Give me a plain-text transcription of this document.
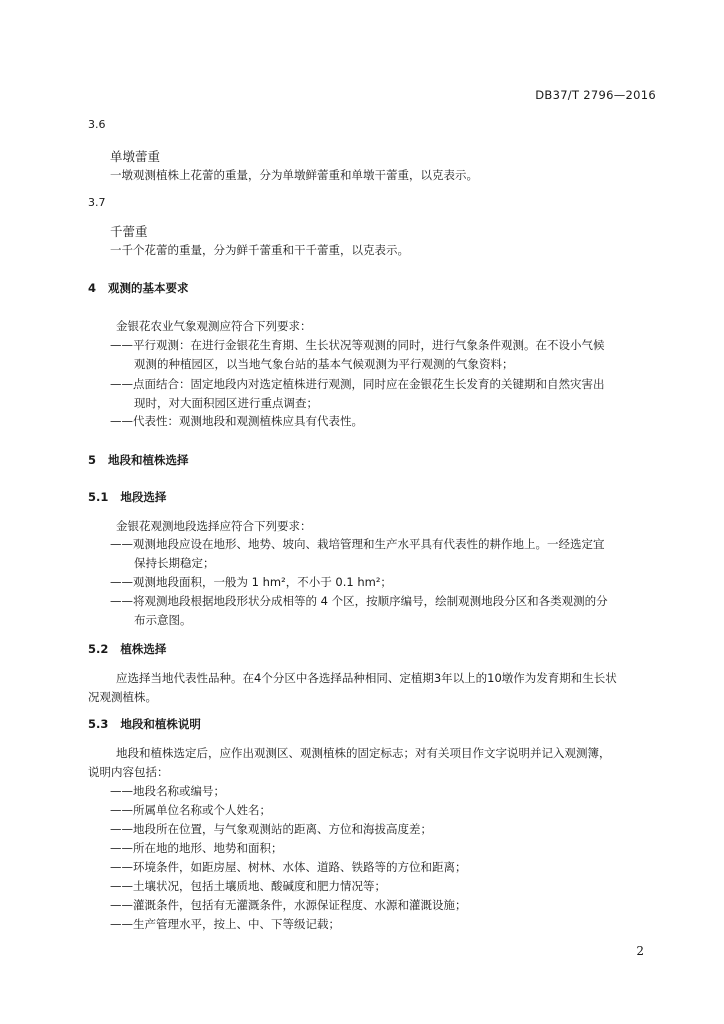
DB37/T 2796—2016
3.6
单墩蕾重
一墩观测植株上花蕾的重量，分为单墩鲜蕾重和单墩干蕾重，以克表示。
3.7
千蕾重
一千个花蕾的重量，分为鲜千蕾重和干千蕾重，以克表示。
4 观测的基本要求
金银花农业气象观测应符合下列要求：
——平行观测：在进行金银花生育期、生长状况等观测的同时，进行气象条件观测。在不设小气候
观测的种植园区，以当地气象台站的基本气候观测为平行观测的气象资料；
——点面结合：固定地段内对选定植株进行观测，同时应在金银花生长发育的关键期和自然灾害出
现时，对大面积园区进行重点调查；
——代表性：观测地段和观测植株应具有代表性。
5 地段和植株选择
5.1 地段选择
金银花观测地段选择应符合下列要求：
——观测地段应设在地形、地势、坡向、栽培管理和生产水平具有代表性的耕作地上。一经选定宜
保持长期稳定；
——观测地段面积，一般为 1 hm²，不小于 0.1 hm²；
——将观测地段根据地段形状分成相等的 4 个区，按顺序编号，绘制观测地段分区和各类观测的分
布示意图。
5.2 植株选择
应选择当地代表性品种。在4个分区中各选择品种相同、定植期3年以上的10墩作为发育期和生长状
况观测植株。
5.3 地段和植株说明
地段和植株选定后，应作出观测区、观测植株的固定标志；对有关项目作文字说明并记入观测簿，
说明内容包括：
——地段名称或编号；
——所属单位名称或个人姓名；
——地段所在位置，与气象观测站的距离、方位和海拔高度差；
——所在地的地形、地势和面积；
——环境条件，如距房屋、树林、水体、道路、铁路等的方位和距离；
——土壤状况，包括土壤质地、酸碱度和肥力情况等；
——灌溉条件，包括有无灌溉条件，水源保证程度、水源和灌溉设施；
——生产管理水平，按上、中、下等级记载；
2
